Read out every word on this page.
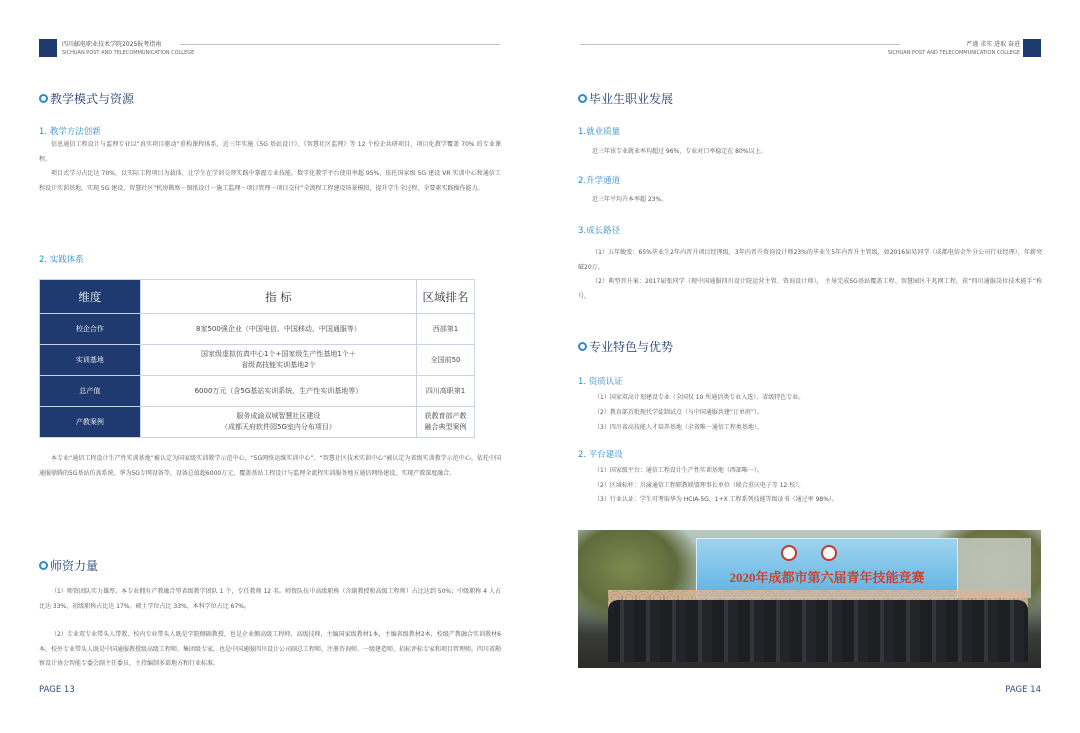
四川邮电职业技术学院2025报考指南
SICHUAN POST AND TELECOMMUNICATION COLLEGE
教学模式与资源
1. 教学方法创新
信息通信工程设计与监理专业以“真实项目驱动”重构课程体系，近三年实施《5G 基站设计》、《智慧社区监理》等 12 个校企共研项目，项目化教学覆盖 70% 的专业课程。
项目式学习占比达 70%，以实际工程项目为载体，让学生在学训交替实践中掌握专业技能。数字化教学平台使用率超 95%，依托国家级 5G 建设 VR 实训中心和通信工程设计实训基地，实现 5G 建设、智慧社区“机房勘察－图纸设计－施工监理－项目管理－项目交付”全流程工程建设场景模拟，提升学生全过程、全要素实践操作能力。
2. 实践体系
维度	指 标	区域排名
校企合作	8家500强企业（中国电信、中国移动、中国通服等）	西部第1
实训基地	国家级虚拟仿真中心1个+国家级生产性基地1个＋
省级高技能实训基地2个	全国前50
总产值	6000万元（含5G基站实训系统、生产性实训基地等）	四川高职第1
产教案例	服务成渝双城智慧社区建设
（成都天府软件园5G室内分布项目）	获教育部产教
融合典型案例
本专业“通信工程设计生产性实训基地”被认定为国家级实训教学示范中心，“5G网络运维实训中心”、“智慧社区技术实训中心”被认定为省级实训教学示范中心。依托中国通服鼎腾的5G基站仿真系统、华为5G专网设备等，设备总值超6000万元，覆盖基站工程设计与监理全流程实训服务地方通信网络建设，实现产教深度融合。
师资力量
（1）师资团队实力雄厚。本专业拥有产教融合型省级教学团队 1 个，专任教师 12 名。师资队伍中高级职称（含副教授和高级工程师）占比达到 50%；中级职称 4 人占比达 33%，初级职称占比达 17%。硕士学位占比 33%，本科学位占比 67%。
（2）专业双专业带头人带教，校内专业带头人既是学院侧副教授，也是企业侧高级工程师、高级技师，主编国家级教材1本，主编省级教材2本，校级产教融合实训教材6本。校外专业带头人既是中国通服教授级高级工程师、集团级专家，也是中国通服四川设计公司副总工程师，注册咨询师、一级建造师、招标评标专家和项目管理师。四川省勘察设计协会智能专委会副主任委员，主持编制多部地方和行业标准。
PAGE 13
严谨 求实 进取 奋进
SICHUAN POST AND TELECOMMUNICATION COLLEGE
毕业生职业发展
1.就业质量
近三年该专业就业率均超过 96%，专业对口率稳定在 80%以上。
2.升学通道
近三年平均升本率超 23%。
3.成长路径
（1）五年蜕变：65%毕业生2年内晋升项目经理级，3年内晋升资询设计师23%的毕业生5年内晋升主管级，如2016届易同学（成都电信金牛分公司行业经理），年薪突破20万。
（2）典型晋升案：2017届张同学（现中国通服四川设计院运营主管、资询设计师）， 主导完成5G基站覆盖工程、智慧园区千兆网工程，获“四川通服岗位技术能手”称号。
专业特色与优势
1. 资质认证
（1）国家双高计划建设专业（全国仅 10 所通信类专业入选）、省级特色专业。
（2）教育部首批现代学徒制试点（与中国通服共建“订单班”）。
（3）四川省高技能人才培养基地（全省唯一通信工程类基地）。
2. 平台建设
（1）国家级平台：通信工程设计生产性实训基地（西部唯一）。
（2）区域标杆：川渝通信工程职教联盟理事长单位（联合重庆电子等 12 校）。
（3）行业认证：学生可考取华为 HCIA-5G、1+X 工程系列技能等级证书（通过率 98%）。
PAGE 14
2020年成都市第六届青年技能竞赛
